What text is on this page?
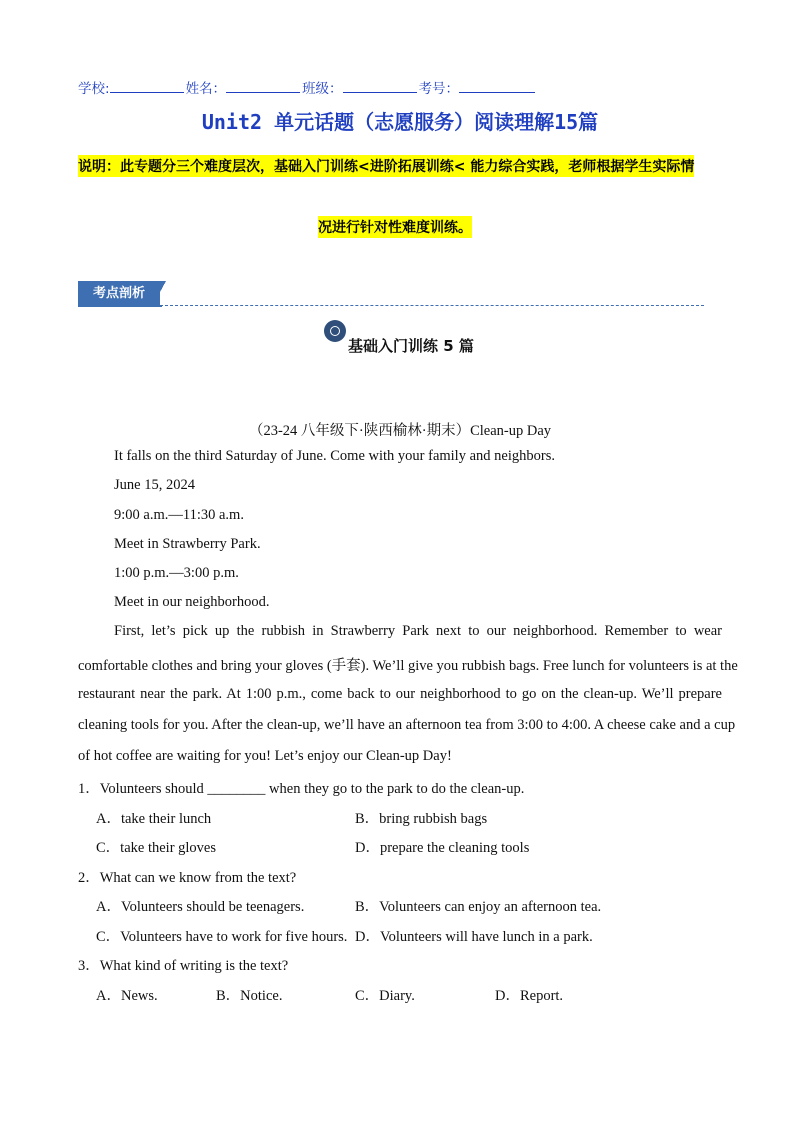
学校:	姓名：	班级：	考号：
Unit2 单元话题（志愿服务）阅读理解15篇
说明：此专题分三个难度层次，基础入门训练<进阶拓展训练< 能力综合实践，老师根据学生实际情
况进行针对性难度训练。
考点剖析
基础入门训练 5 篇
（23-24 八年级下·陕西榆林·期末）Clean-up Day
It falls on the third Saturday of June. Come with your family and neighbors.
June 15, 2024
9:00 a.m.—11:30 a.m.
Meet in Strawberry Park.
1:00 p.m.—3:00 p.m.
Meet in our neighborhood.
First, let’s pick up the rubbish in Strawberry Park next to our neighborhood. Remember to wear
comfortable clothes and bring your gloves (手套). We’ll give you rubbish bags. Free lunch for volunteers is at the
restaurant near the park. At 1:00 p.m., come back to our neighborhood to go on the clean-up. We’ll prepare
cleaning tools for you. After the clean-up, we’ll have an afternoon tea from 3:00 to 4:00. A cheese cake and a cup
of hot coffee are waiting for you! Let’s enjoy our Clean-up Day!
1．Volunteers should ________ when they go to the park to do the clean-up.
A．take their lunch	B．bring rubbish bags
C．take their gloves	D．prepare the cleaning tools
2．What can we know from the text?
A．Volunteers should be teenagers.	B．Volunteers can enjoy an afternoon tea.
C．Volunteers have to work for five hours. D．Volunteers will have lunch in a park.
3．What kind of writing is the text?
A．News.	B．Notice.	C．Diary.	D．Report.
